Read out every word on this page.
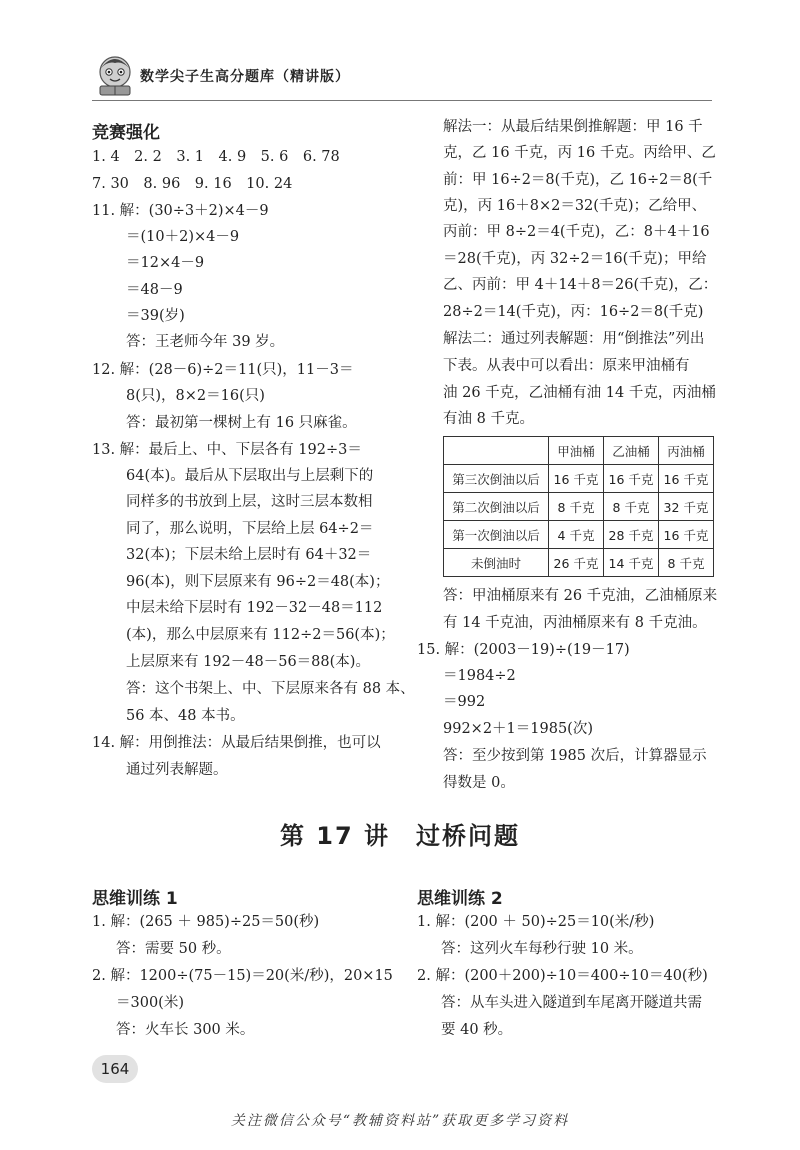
数学尖子生高分题库（精讲版）
竞赛强化
1. 4　2. 2　3. 1　4. 9　5. 6　6. 78
7. 30　8. 96　9. 16　10. 24
11. 解：(30÷3＋2)×4－9
＝(10＋2)×4－9
＝12×4－9
＝48－9
＝39(岁)
答：王老师今年 39 岁。
12. 解：(28－6)÷2＝11(只)，11－3＝
8(只)，8×2＝16(只)
答：最初第一棵树上有 16 只麻雀。
13. 解：最后上、中、下层各有 192÷3＝
64(本)。最后从下层取出与上层剩下的
同样多的书放到上层，这时三层本数相
同了，那么说明，下层给上层 64÷2＝
32(本)；下层未给上层时有 64＋32＝
96(本)，则下层原来有 96÷2＝48(本)；
中层未给下层时有 192－32－48＝112
(本)，那么中层原来有 112÷2＝56(本)；
上层原来有 192－48－56＝88(本)。
答：这个书架上、中、下层原来各有 88 本、
56 本、48 本书。
14. 解：用倒推法：从最后结果倒推，也可以
通过列表解题。
解法一：从最后结果倒推解题：甲 16 千
克，乙 16 千克，丙 16 千克。丙给甲、乙
前：甲 16÷2＝8(千克)，乙 16÷2＝8(千
克)，丙 16＋8×2＝32(千克)；乙给甲、
丙前：甲 8÷2＝4(千克)，乙：8＋4＋16
＝28(千克)，丙 32÷2＝16(千克)；甲给
乙、丙前：甲 4＋14＋8＝26(千克)，乙：
28÷2＝14(千克)，丙：16÷2＝8(千克)
解法二：通过列表解题：用“倒推法”列出
下表。从表中可以看出：原来甲油桶有
油 26 千克，乙油桶有油 14 千克，丙油桶
有油 8 千克。
答：甲油桶原来有 26 千克油，乙油桶原来
有 14 千克油，丙油桶原来有 8 千克油。
15. 解：(2003－19)÷(19－17)
＝1984÷2
＝992
992×2＋1＝1985(次)
答：至少按到第 1985 次后，计算器显示
得数是 0。
	甲油桶	乙油桶	丙油桶
第三次倒油以后	16 千克	16 千克	16 千克
第二次倒油以后	8 千克	8 千克	32 千克
第一次倒油以后	4 千克	28 千克	16 千克
未倒油时	26 千克	14 千克	8 千克
第 17 讲　过桥问题
思维训练 1
1. 解：(265 ＋ 985)÷25＝50(秒)
答：需要 50 秒。
2. 解：1200÷(75－15)＝20(米/秒)，20×15
＝300(米)
答：火车长 300 米。
思维训练 2
1. 解：(200 ＋ 50)÷25＝10(米/秒)
答：这列火车每秒行驶 10 米。
2. 解：(200＋200)÷10＝400÷10＝40(秒)
答：从车头进入隧道到车尾离开隧道共需
要 40 秒。
164
关注微信公众号“教辅资料站”获取更多学习资料
